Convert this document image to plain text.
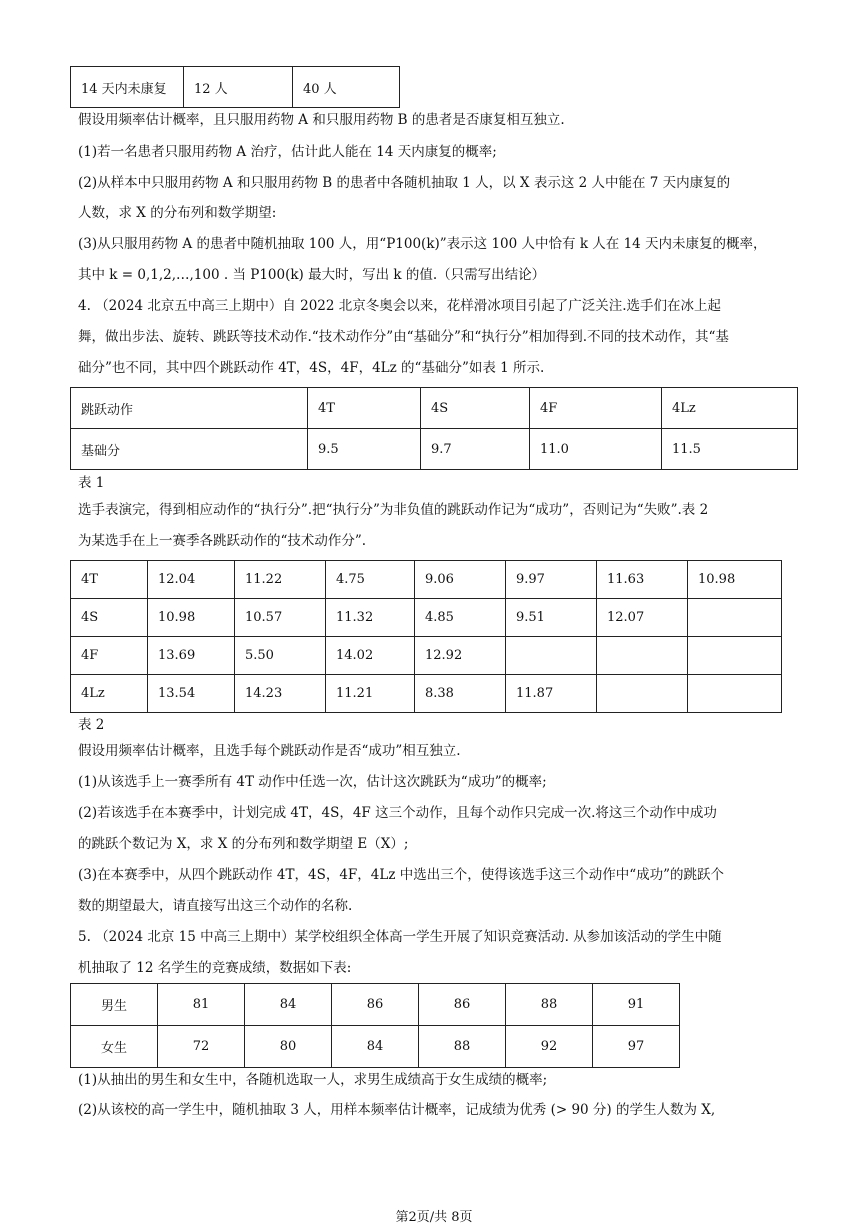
14 天内未康复	12 人	40 人
假设用频率估计概率，且只服用药物 A 和只服用药物 B 的患者是否康复相互独立.
(1)若一名患者只服用药物 A 治疗，估计此人能在 14 天内康复的概率;
(2)从样本中只服用药物 A 和只服用药物 B 的患者中各随机抽取 1 人，以 X 表示这 2 人中能在 7 天内康复的
人数，求 X 的分布列和数学期望:
(3)从只服用药物 A 的患者中随机抽取 100 人，用“P100(k)”表示这 100 人中恰有 k 人在 14 天内未康复的概率，
其中 k = 0,1,2,…,100 . 当 P100(k) 最大时，写出 k 的值.（只需写出结论）
4. （2024 北京五中高三上期中）自 2022 北京冬奥会以来，花样滑冰项目引起了广泛关注.选手们在冰上起
舞，做出步法、旋转、跳跃等技术动作.“技术动作分”由“基础分”和“执行分”相加得到.不同的技术动作，其“基
础分”也不同，其中四个跳跃动作 4T，4S，4F，4Lz 的“基础分”如表 1 所示.
跳跃动作	4T	4S	4F	4Lz
基础分	9.5	9.7	11.0	11.5
表 1
选手表演完，得到相应动作的“执行分”.把“执行分”为非负值的跳跃动作记为“成功”，否则记为“失败”.表 2
为某选手在上一赛季各跳跃动作的“技术动作分”.
4T	12.04	11.22	4.75	9.06	9.97	11.63	10.98
4S	10.98	10.57	11.32	4.85	9.51	12.07	
4F	13.69	5.50	14.02	12.92			
4Lz	13.54	14.23	11.21	8.38	11.87		
表 2
假设用频率估计概率，且选手每个跳跃动作是否“成功”相互独立.
(1)从该选手上一赛季所有 4T 动作中任选一次，估计这次跳跃为“成功”的概率;
(2)若该选手在本赛季中，计划完成 4T，4S，4F 这三个动作，且每个动作只完成一次.将这三个动作中成功
的跳跃个数记为 X，求 X 的分布列和数学期望 E（X）;
(3)在本赛季中，从四个跳跃动作 4T，4S，4F，4Lz 中选出三个，使得该选手这三个动作中“成功”的跳跃个
数的期望最大，请直接写出这三个动作的名称.
5. （2024 北京 15 中高三上期中）某学校组织全体高一学生开展了知识竞赛活动. 从参加该活动的学生中随
机抽取了 12 名学生的竞赛成绩，数据如下表:
男生	81	84	86	86	88	91
女生	72	80	84	88	92	97
(1)从抽出的男生和女生中，各随机选取一人，求男生成绩高于女生成绩的概率;
(2)从该校的高一学生中，随机抽取 3 人，用样本频率估计概率，记成绩为优秀 (> 90 分) 的学生人数为 X,
第2页/共 8页
